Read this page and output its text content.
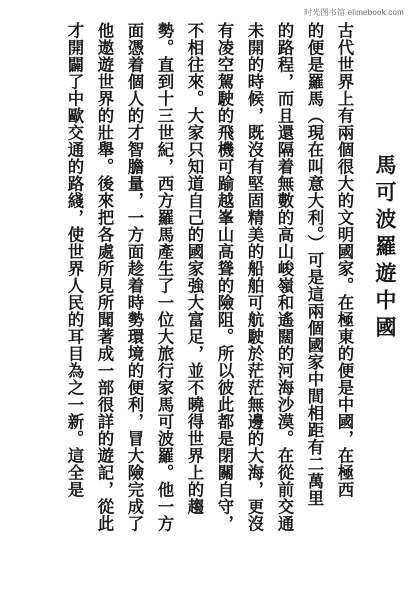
时光图书馆 elimebook.com
馬可波羅遊中國
古代世界上有兩個很大的文明國家。在極東的便是中國，在極西
的便是羅馬（現在叫意大利。）可是這兩個國家中間相距有二萬里
的路程，而且還隔着無數的高山峻嶺和遙闊的河海沙漠。在從前交通
未開的時候，既沒有堅固精美的船舶可航駛於茫茫無邊的大海，更沒
有凌空駕駛的飛機可踰越峯山高聳的險阻。所以彼此都是閉關自守，
不相往來。大家只知道自己的國家強大富足，並不曉得世界上的趨
勢。直到十三世紀，西方羅馬產生了一位大旅行家馬可波羅。他一方
面憑着個人的才智膽量，一方面趁着時勢環境的便利，冒大險完成了
他遨遊世界的壯舉。後來把各處所見所聞著成一部很詳的遊記，從此
才開闢了中歐交通的路綫，使世界人民的耳目為之一新。這全是
